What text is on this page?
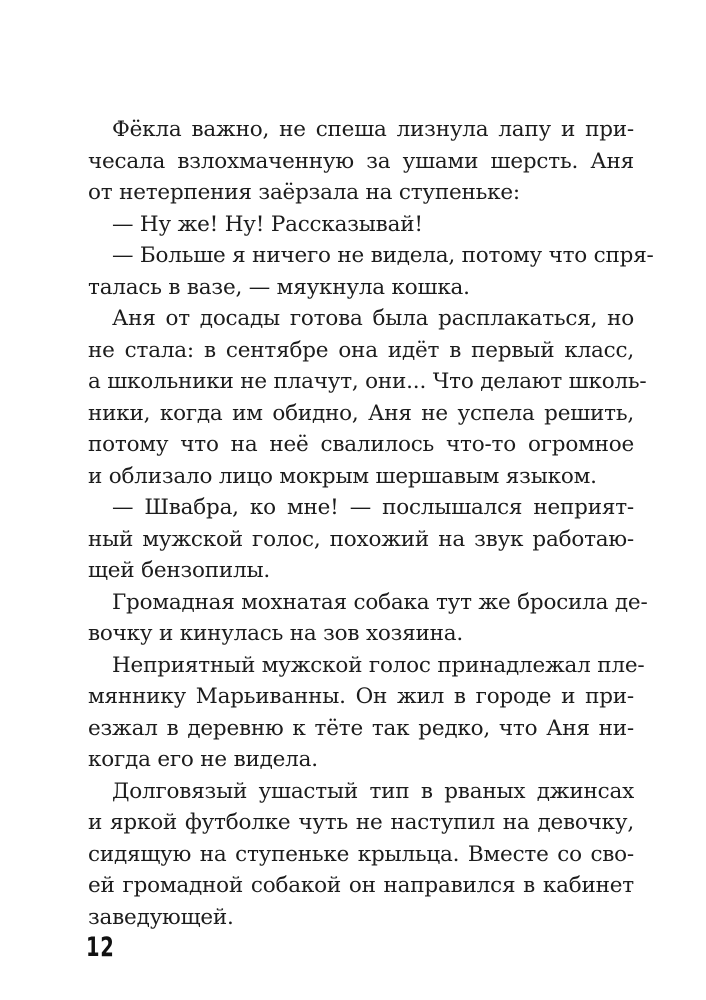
Фёкла важно, не спеша лизнула лапу и при-
чесала взлохмаченную за ушами шерсть. Аня
от нетерпения заёрзала на ступеньке:
— Ну же! Ну! Рассказывай!
— Больше я ничего не видела, потому что спря-
талась в вазе, — мяукнула кошка.
Аня от досады готова была расплакаться, но
не стала: в сентябре она идёт в первый класс,
а школьники не плачут, они... Что делают школь-
ники, когда им обидно, Аня не успела решить,
потому что на неё свалилось что-то огромное
и облизало лицо мокрым шершавым языком.
— Швабра, ко мне! — послышался неприят-
ный мужской голос, похожий на звук работаю-
щей бензопилы.
Громадная мохнатая собака тут же бросила де-
вочку и кинулась на зов хозяина.
Неприятный мужской голос принадлежал пле-
мяннику Марьиванны. Он жил в городе и при-
езжал в деревню к тёте так редко, что Аня ни-
когда его не видела.
Долговязый ушастый тип в рваных джинсах
и яркой футболке чуть не наступил на девочку,
сидящую на ступеньке крыльца. Вместе со сво-
ей громадной собакой он направился в кабинет
заведующей.
12
